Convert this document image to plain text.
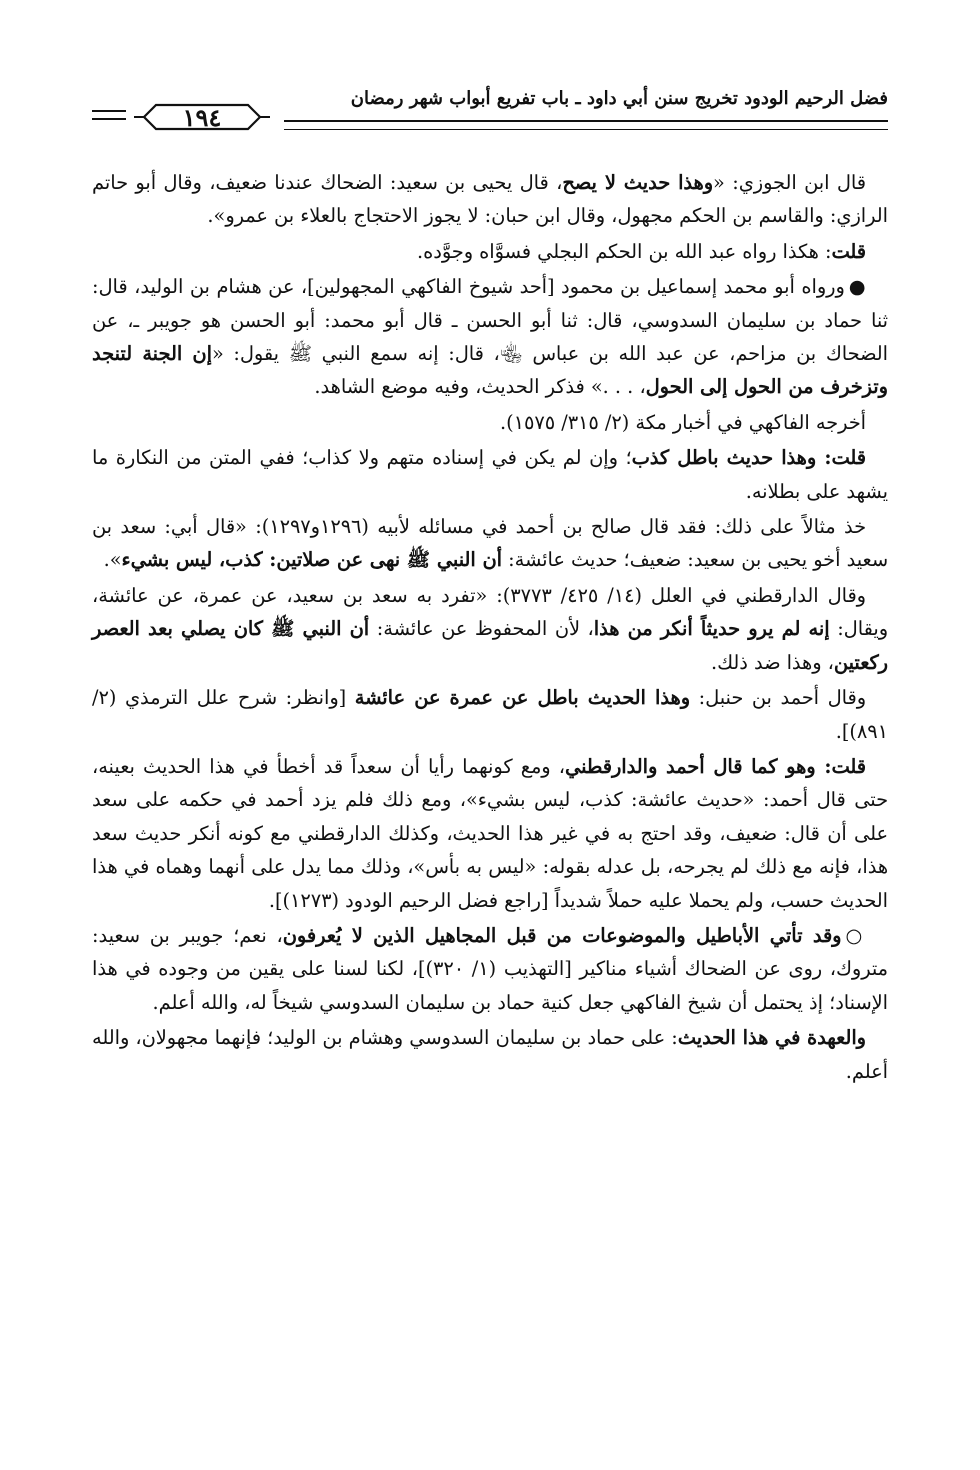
١٩٤
فضل الرحيم الودود تخريج سنن أبي داود ـ باب تفريع أبواب شهر رمضان

قال ابن الجوزي: «وهذا حديث لا يصح، قال يحيى بن سعيد: الضحاك عندنا ضعيف، وقال أبو حاتم الرازي: والقاسم بن الحكم مجهول، وقال ابن حبان: لا يجوز الاحتجاج بالعلاء بن عمرو».

قلت: هكذا رواه عبد الله بن الحكم البجلي فسوَّاه وجوَّده.

●ورواه أبو محمد إسماعيل بن محمود [أحد شيوخ الفاكهي المجهولين]، عن هشام بن الوليد، قال: ثنا حماد بن سليمان السدوسي، قال: ثنا أبو الحسن ـ قال أبو محمد: أبو الحسن هو جويبر ـ، عن الضحاك بن مزاحم، عن عبد الله بن عباس ﵄، قال: إنه سمع النبي ﷺ يقول: «إن الجنة لتنجد وتزخرف من الحول إلى الحول، . . .» فذكر الحديث، وفيه موضع الشاهد.

أخرجه الفاكهي في أخبار مكة (٢/ ٣١٥/ ١٥٧٥).

قلت: وهذا حديث باطل كذب؛ وإن لم يكن في إسناده متهم ولا كذاب؛ ففي المتن من النكارة ما يشهد على بطلانه.

خذ مثالاً على ذلك: فقد قال صالح بن أحمد في مسائله لأبيه (١٢٩٦و١٢٩٧): «قال أبي: سعد بن سعيد أخو يحيى بن سعيد: ضعيف؛ حديث عائشة: أن النبي ﷺ نهى عن صلاتين: كذب، ليس بشيء».

وقال الدارقطني في العلل (١٤/ ٤٢٥/ ٣٧٧٣): «تفرد به سعد بن سعيد، عن عمرة، عن عائشة، ويقال: إنه لم يرو حديثاً أنكر من هذا، لأن المحفوظ عن عائشة: أن النبي ﷺ كان يصلي بعد العصر ركعتين، وهذا ضد ذلك.

وقال أحمد بن حنبل: وهذا الحديث باطل عن عمرة عن عائشة [وانظر: شرح علل الترمذي (٢/ ٨٩١)].

قلت: وهو كما قال أحمد والدارقطني، ومع كونهما رأيا أن سعداً قد أخطأ في هذا الحديث بعينه، حتى قال أحمد: «حديث عائشة: كذب، ليس بشيء»، ومع ذلك فلم يزد أحمد في حكمه على سعد على أن قال: ضعيف، وقد احتج به في غير هذا الحديث، وكذلك الدارقطني مع كونه أنكر حديث سعد هذا، فإنه مع ذلك لم يجرحه، بل عدله بقوله: «ليس به بأس»، وذلك مما يدل على أنهما وهماه في هذا الحديث حسب، ولم يحملا عليه حملاً شديداً [راجع فضل الرحيم الودود (١٢٧٣)].

○وقد تأتي الأباطيل والموضوعات من قبل المجاهيل الذين لا يُعرفون، نعم؛ جويبر بن سعيد: متروك، روى عن الضحاك أشياء مناكير [التهذيب (١/ ٣٢٠)]، لكنا لسنا على يقين من وجوده في هذا الإسناد؛ إذ يحتمل أن شيخ الفاكهي جعل كنية حماد بن سليمان السدوسي شيخاً له، والله أعلم.

والعهدة في هذا الحديث: على حماد بن سليمان السدوسي وهشام بن الوليد؛ فإنهما مجهولان، والله أعلم.
